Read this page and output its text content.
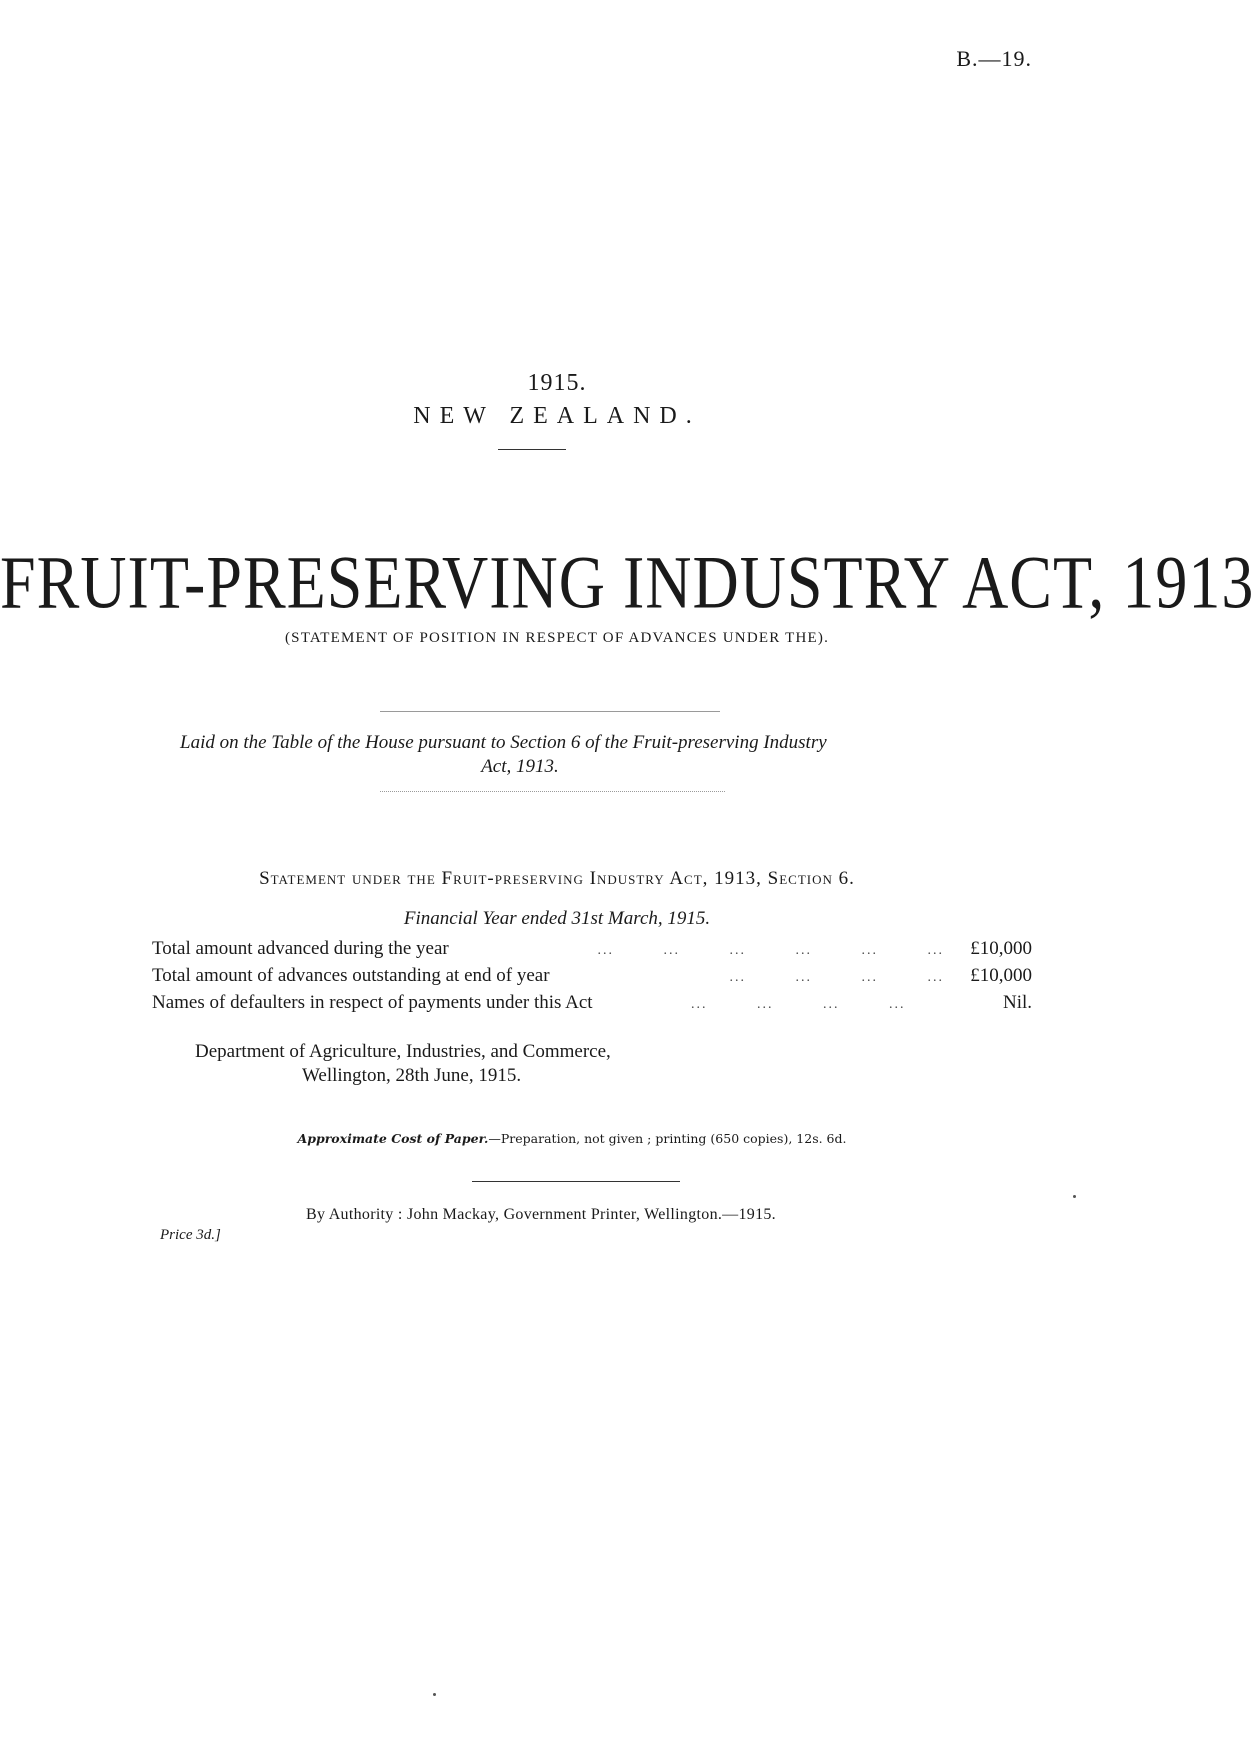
B.—19.
1915.
NEW ZEALAND.
FRUIT-PRESERVING INDUSTRY ACT, 1913
(STATEMENT OF POSITION IN RESPECT OF ADVANCES UNDER THE).
Laid on the Table of the House pursuant to Section 6 of the Fruit-preserving Industry
Act, 1913.
Statement under the Fruit-preserving Industry Act, 1913, Section 6.
Financial Year ended 31st March, 1915.
Total amount advanced during the year	...         ...         ...         ...         ...         ...	£10,000
Total amount of advances outstanding at end of year	...         ...         ...         ...	£10,000
Names of defaulters in respect of payments under this Act	...         ...         ...         ...	Nil.
Department of Agriculture, Industries, and Commerce,
Wellington, 28th June, 1915.
Approximate Cost of Paper.—Preparation, not given ; printing (650 copies), 12s. 6d.
By Authority : John Mackay, Government Printer, Wellington.—1915.
Price 3d.]
